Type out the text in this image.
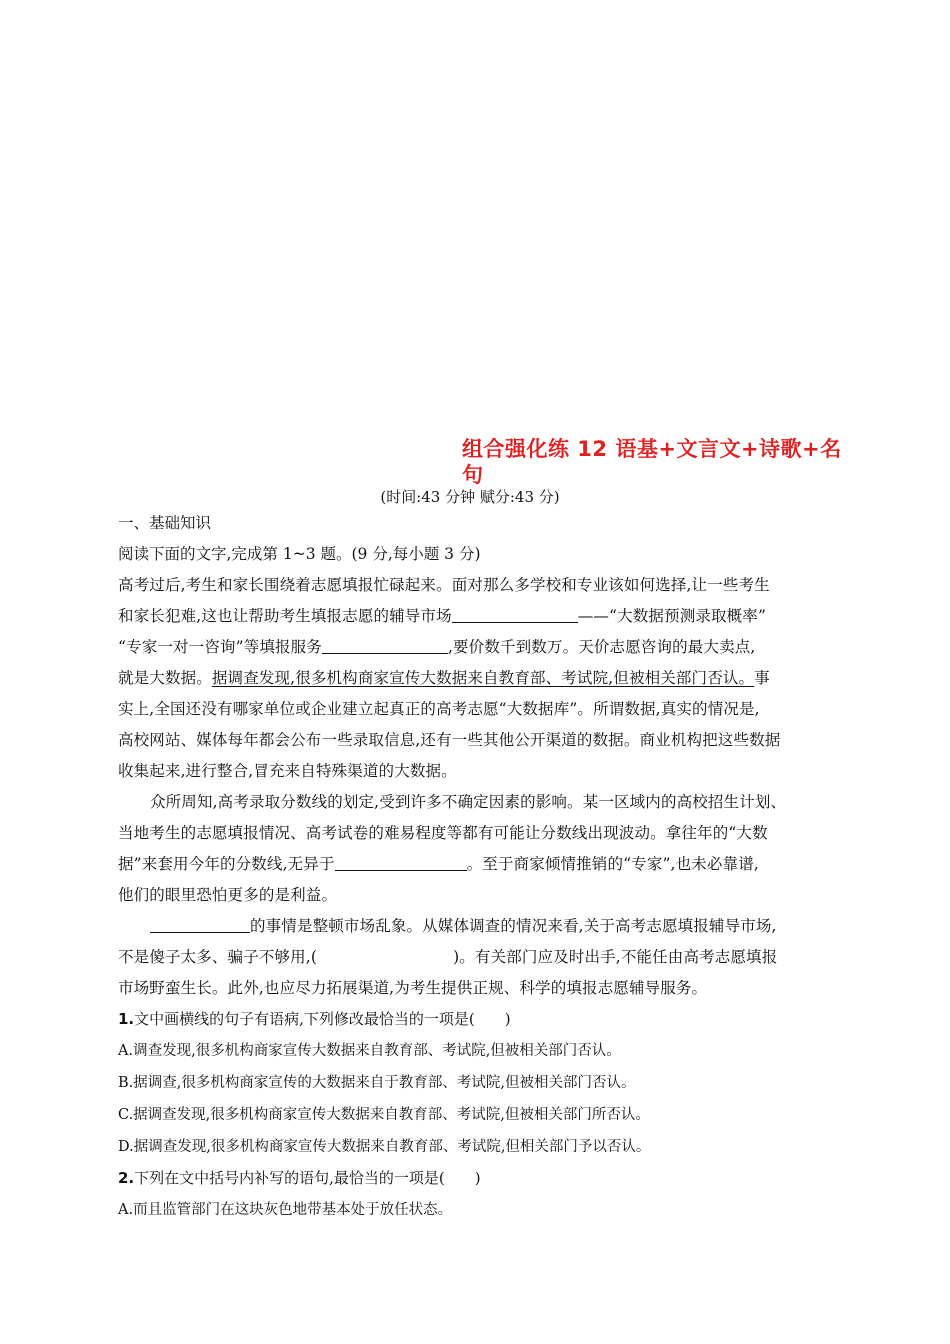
组合强化练 12 语基+文言文+诗歌+名
句
(时间:43 分钟 赋分:43 分)
一、基础知识
阅读下面的文字,完成第 1~3 题。(9 分,每小题 3 分)
高考过后,考生和家长围绕着志愿填报忙碌起来。面对那么多学校和专业该如何选择,让一些考生
和家长犯难,这也让帮助考生填报志愿的辅导市场	——“大数据预测录取概率”
“专家一对一咨询”等填报服务	,要价数千到数万。天价志愿咨询的最大卖点,
就是大数据。据调查发现,很多机构商家宣传大数据来自教育部、考试院,但被相关部门否认。事
实上,全国还没有哪家单位或企业建立起真正的高考志愿“大数据库”。所谓数据,真实的情况是,
高校网站、媒体每年都会公布一些录取信息,还有一些其他公开渠道的数据。商业机构把这些数据
收集起来,进行整合,冒充来自特殊渠道的大数据。
众所周知,高考录取分数线的划定,受到许多不确定因素的影响。某一区域内的高校招生计划、
当地考生的志愿填报情况、高考试卷的难易程度等都有可能让分数线出现波动。拿往年的“大数
据”来套用今年的分数线,无异于	。至于商家倾情推销的“专家”,也未必靠谱,
他们的眼里恐怕更多的是利益。
的事情是整顿市场乱象。从媒体调查的情况来看,关于高考志愿填报辅导市场,
不是傻子太多、骗子不够用,(	)。有关部门应及时出手,不能任由高考志愿填报
市场野蛮生长。此外,也应尽力拓展渠道,为考生提供正规、科学的填报志愿辅导服务。
1.文中画横线的句子有语病,下列修改最恰当的一项是(　　)
A.调查发现,很多机构商家宣传大数据来自教育部、考试院,但被相关部门否认。
B.据调查,很多机构商家宣传的大数据来自于教育部、考试院,但被相关部门否认。
C.据调查发现,很多机构商家宣传大数据来自教育部、考试院,但被相关部门所否认。
D.据调查发现,很多机构商家宣传大数据来自教育部、考试院,但相关部门予以否认。
2.下列在文中括号内补写的语句,最恰当的一项是(　　)
A.而且监管部门在这块灰色地带基本处于放任状态。
